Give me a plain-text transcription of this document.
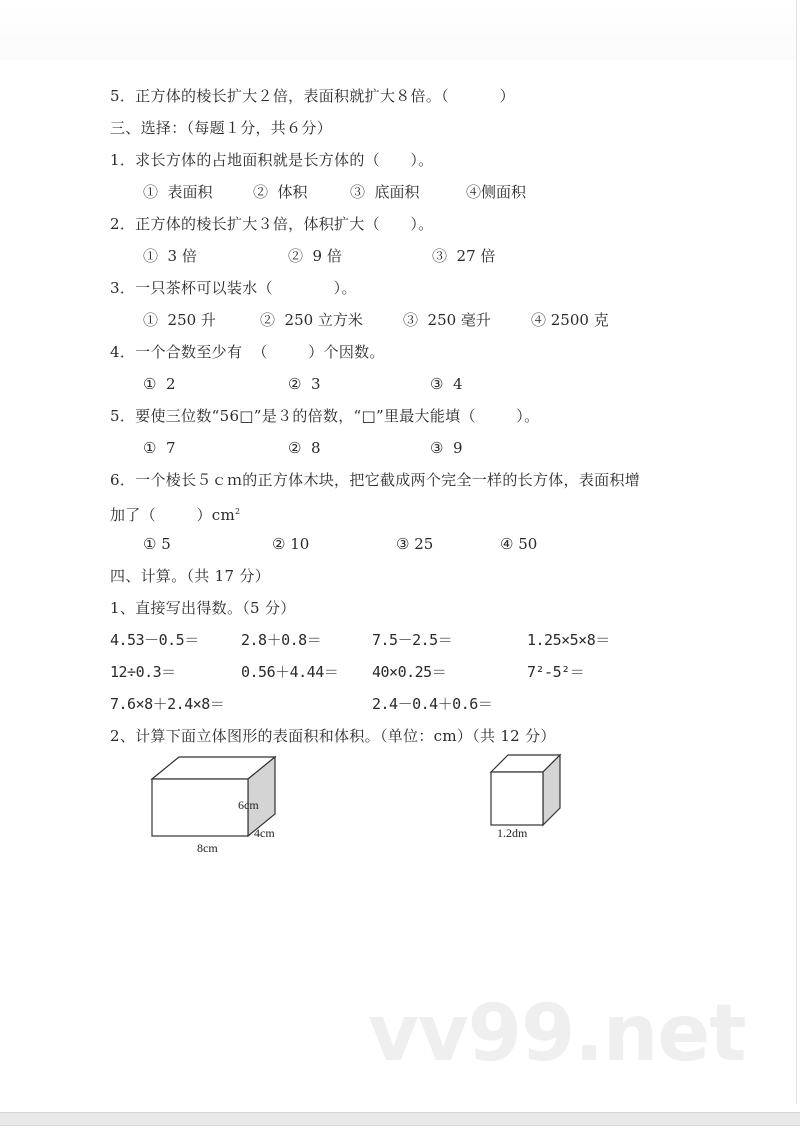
5．正方体的棱长扩大２倍，表面积就扩大８倍。（          ）
三、选择：（每题１分，共６分）
1．求长方体的占地面积就是长方体的（      ）。
①  表面积	②  体积	③  底面积	④侧面积
2．正方体的棱长扩大３倍，体积扩大（      ）。
①  3 倍	②  9 倍	③  27 倍
3．一只茶杯可以装水（            ）。
①  250 升	②  250 立方米	③  250 毫升	④ 2500 克
4．一个合数至少有  （        ）个因数。
①  2	②  3	③  4
5．要使三位数“56□”是３的倍数，“□”里最大能填（        ）。
①  7	②  8	③  9
6．一个棱长５ｃｍ的正方体木块，把它截成两个完全一样的长方体，表面积增
加了（        ）$cm^2$
① 5	② 10	③ 25	④ 50
四、计算。（共 17 分）
1、直接写出得数。（5 分）
4.53－0.5＝	2.8＋0.8＝	7.5－2.5＝	1.25×5×8＝
12÷0.3＝	0.56＋4.44＝ 40×0.25＝	7²-5²＝
7.6×8＋2.4×8＝	2.4－0.4＋0.6＝
2、计算下面立体图形的表面积和体积。（单位：cm）（共 12 分）
6cm
4cm
8cm
1.2dm
vv99.net
